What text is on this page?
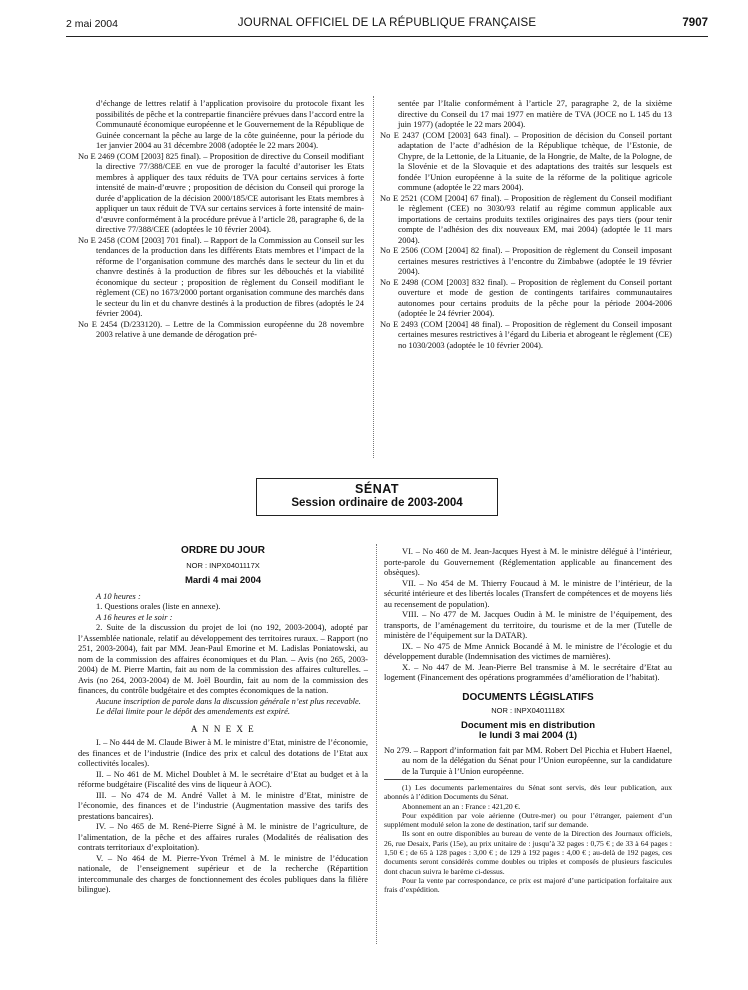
2 mai 2004	JOURNAL OFFICIEL DE LA RÉPUBLIQUE FRANÇAISE	7907

d’échange de lettres relatif à l’application provisoire du protocole fixant les possibilités de pêche et la contrepartie financière prévues dans l’accord entre la Communauté économique européenne et le Gouvernement de la République de Guinée concernant la pêche au large de la côte guinéenne, pour la période du 1er janvier 2004 au 31 décembre 2008 (adoptée le 22 mars 2004).

No E 2469 (COM [2003] 825 final). – Proposition de directive du Conseil modifiant la directive 77/388/CEE en vue de proroger la faculté d’autoriser les Etats membres à appliquer des taux réduits de TVA pour certains services à forte intensité de main-d’œuvre ; proposition de décision du Conseil qui proroge la durée d’application de la décision 2000/185/CE autorisant les Etats membres à appliquer un taux réduit de TVA sur certains services à forte intensité de main-d’œuvre conformément à la procédure prévue à l’article 28, paragraphe 6, de la directive 77/388/CEE (adoptées le 10 février 2004).

No E 2458 (COM [2003] 701 final). – Rapport de la Commission au Conseil sur les tendances de la production dans les différents Etats membres et l’impact de la réforme de l’organisation commune des marchés dans le secteur du lin et du chanvre destinés à la production de fibres sur les débouchés et la viabilité économique du secteur ; proposition de règlement du Conseil modifiant le règlement (CE) no 1673/2000 portant organisation commune des marchés dans le secteur du lin et du chanvre destinés à la production de fibres (adoptés le 24 février 2004).

No E 2454 (D/233120). – Lettre de la Commission européenne du 28 novembre 2003 relative à une demande de dérogation pré-

sentée par l’Italie conformément à l’article 27, paragraphe 2, de la sixième directive du Conseil du 17 mai 1977 en matière de TVA (JOCE no L 145 du 13 juin 1977) (adoptée le 22 mars 2004).

No E 2437 (COM [2003] 643 final). – Proposition de décision du Conseil portant adaptation de l’acte d’adhésion de la République tchèque, de l’Estonie, de Chypre, de la Lettonie, de la Lituanie, de la Hongrie, de Malte, de la Pologne, de la Slovénie et de la Slovaquie et des adaptations des traités sur lesquels est fondée l’Union européenne à la suite de la réforme de la politique agricole commune (adoptée le 22 mars 2004).

No E 2521 (COM [2004] 67 final). – Proposition de règlement du Conseil modifiant le règlement (CEE) no 3030/93 relatif au régime commun applicable aux importations de certains produits textiles originaires des pays tiers (pour tenir compte de l’adhésion des dix nouveaux EM, mai 2004) (adoptée le 11 mars 2004).

No E 2506 (COM [2004] 82 final). – Proposition de règlement du Conseil imposant certaines mesures restrictives à l’encontre du Zimbabwe (adoptée le 19 février 2004).

No E 2498 (COM [2003] 832 final). – Proposition de règlement du Conseil portant ouverture et mode de gestion de contingents tarifaires communautaires autonomes pour certains produits de la pêche pour la période 2004-2006 (adoptée le 24 février 2004).

No E 2493 (COM [2004] 48 final). – Proposition de règlement du Conseil imposant certaines mesures restrictives à l’égard du Liberia et abrogeant le règlement (CE) no 1030/2003 (adoptée le 10 février 2004).

SÉNAT
Session ordinaire de 2003-2004
ORDRE DU JOUR
NOR : INPX0401117X
Mardi 4 mai 2004

A 10 heures :

1. Questions orales (liste en annexe).

A 16 heures et le soir :

2. Suite de la discussion du projet de loi (no 192, 2003-2004), adopté par l’Assemblée nationale, relatif au développement des territoires ruraux. – Rapport (no 251, 2003-2004), fait par MM. Jean-Paul Emorine et M. Ladislas Poniatowski, au nom de la commission des affaires économiques et du Plan. – Avis (no 265, 2003-2004) de M. Pierre Martin, fait au nom de la commission des affaires culturelles. – Avis (no 264, 2003-2004) de M. Joël Bourdin, fait au nom de la commission des finances, du contrôle budgétaire et des comptes économiques de la nation.

Aucune inscription de parole dans la discussion générale n’est plus recevable.

Le délai limite pour le dépôt des amendements est expiré.

A N N E X E

I. – No 444 de M. Claude Biwer à M. le ministre d’Etat, ministre de l’économie, des finances et de l’industrie (Indice des prix et calcul des dotations de l’Etat aux collectivités locales).

II. – No 461 de M. Michel Doublet à M. le secrétaire d’Etat au budget et à la réforme budgétaire (Fiscalité des vins de liqueur à AOC).

III. – No 474 de M. André Vallet à M. le ministre d’Etat, ministre de l’économie, des finances et de l’industrie (Augmentation massive des tarifs des prestations bancaires).

IV. – No 465 de M. René-Pierre Signé à M. le ministre de l’agriculture, de l’alimentation, de la pêche et des affaires rurales (Modalités de réalisation des contrats territoriaux d’exploitation).

V. – No 464 de M. Pierre-Yvon Trémel à M. le ministre de l’éducation nationale, de l’enseignement supérieur et de la recherche (Répartition intercommunale des charges de fonctionnement des écoles publiques dans la filière bilingue).

VI. – No 460 de M. Jean-Jacques Hyest à M. le ministre délégué à l’intérieur, porte-parole du Gouvernement (Réglementation applicable au financement des obsèques).

VII. – No 454 de M. Thierry Foucaud à M. le ministre de l’intérieur, de la sécurité intérieure et des libertés locales (Transfert de compétences et de moyens liés au recensement de population).

VIII. – No 477 de M. Jacques Oudin à M. le ministre de l’équipement, des transports, de l’aménagement du territoire, du tourisme et de la mer (Tutelle de ministère de l’équipement sur la DATAR).

IX. – No 475 de Mme Annick Bocandé à M. le ministre de l’écologie et du développement durable (Indemnisation des victimes de marnières).

X. – No 447 de M. Jean-Pierre Bel transmise à M. le secrétaire d’Etat au logement (Financement des opérations programmées d’amélioration de l’habitat).

DOCUMENTS LÉGISLATIFS
NOR : INPX0401118X
Document mis en distribution
le lundi 3 mai 2004 (1)

No 279. – Rapport d’information fait par MM. Robert Del Picchia et Hubert Haenel, au nom de la délégation du Sénat pour l’Union européenne, sur la candidature de la Turquie à l’Union européenne.

(1) Les documents parlementaires du Sénat sont servis, dès leur publication, aux abonnés à l’édition Documents du Sénat.

Abonnement an an : France : 421,20 €.

Pour expédition par voie aérienne (Outre-mer) ou pour l’étranger, paiement d’un supplément modulé selon la zone de destination, tarif sur demande.

Ils sont en outre disponibles au bureau de vente de la Direction des Journaux officiels, 26, rue Desaix, Paris (15e), au prix unitaire de : jusqu’à 32 pages : 0,75 € ; de 33 à 64 pages : 1,50 € ; de 65 à 128 pages : 3,00 € ; de 129 à 192 pages : 4,00 € ; au-delà de 192 pages, ces documents seront considérés comme doubles ou triples et composés de plusieurs fascicules dont chacun suivra le barème ci-dessus.

Pour la vente par correspondance, ce prix est majoré d’une participation forfaitaire aux frais d’expédition.
